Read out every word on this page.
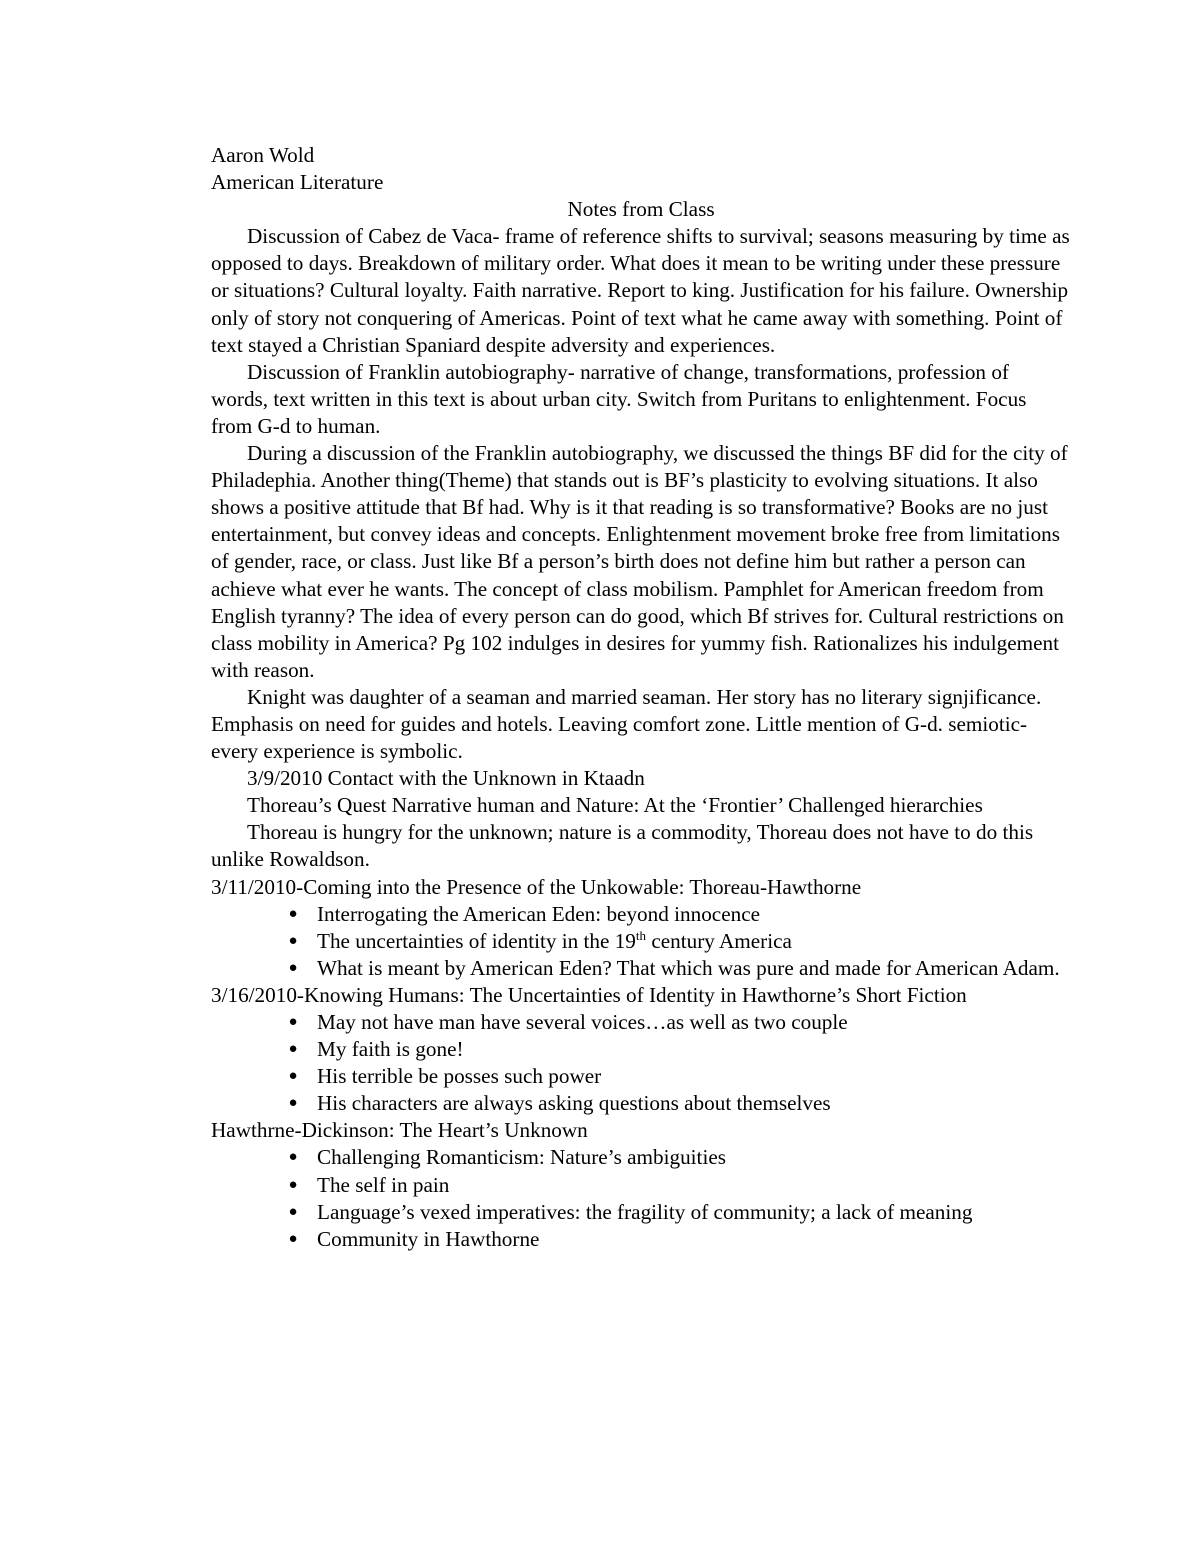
Aaron Wold

American Literature

Notes from Class

Discussion of Cabez de Vaca- frame of reference shifts to survival; seasons measuring by time as opposed to days. Breakdown of military order. What does it mean to be writing under these pressure or situations? Cultural loyalty. Faith narrative. Report to king. Justification for his failure. Ownership only of story not conquering of Americas. Point of text what he came away with something. Point of text stayed a Christian Spaniard despite adversity and experiences.

Discussion of Franklin autobiography- narrative of change, transformations, profession of words, text written in this text is about urban city. Switch from Puritans to enlightenment. Focus from G-d to human.

During a discussion of the Franklin autobiography, we discussed the things BF did for the city of Philadephia. Another thing(Theme) that stands out is BF’s plasticity to evolving situations. It also shows a positive attitude that Bf had. Why is it that reading is so transformative? Books are no just entertainment, but convey ideas and concepts. Enlightenment movement broke free from limitations of gender, race, or class. Just like Bf a person’s birth does not define him but rather a person can achieve what ever he wants. The concept of class mobilism. Pamphlet for American freedom from English tyranny? The idea of every person can do good, which Bf strives for. Cultural restrictions on class mobility in America? Pg 102 indulges in desires for yummy fish. Rationalizes his indulgement with reason.

Knight was daughter of a seaman and married seaman. Her story has no literary signjificance. Emphasis on need for guides and hotels. Leaving comfort zone. Little mention of G-d. semiotic-every experience is symbolic.

3/9/2010 Contact with the Unknown in Ktaadn

Thoreau’s Quest Narrative human and Nature: At the ‘Frontier’ Challenged hierarchies

Thoreau is hungry for the unknown; nature is a commodity, Thoreau does not have to do this unlike Rowaldson.

3/11/2010-Coming into the Presence of the Unkowable: Thoreau-Hawthorne

● Interrogating the American Eden: beyond innocence
● The uncertainties of identity in the 19th century America
● What is meant by American Eden? That which was pure and made for American Adam.

3/16/2010-Knowing Humans: The Uncertainties of Identity in Hawthorne’s Short Fiction

● May not have man have several voices…as well as two couple
● My faith is gone!
● His terrible be posses such power
● His characters are always asking questions about themselves

Hawthrne-Dickinson: The Heart’s Unknown

● Challenging Romanticism: Nature’s ambiguities
● The self in pain
● Language’s vexed imperatives: the fragility of community; a lack of meaning
● Community in Hawthorne
